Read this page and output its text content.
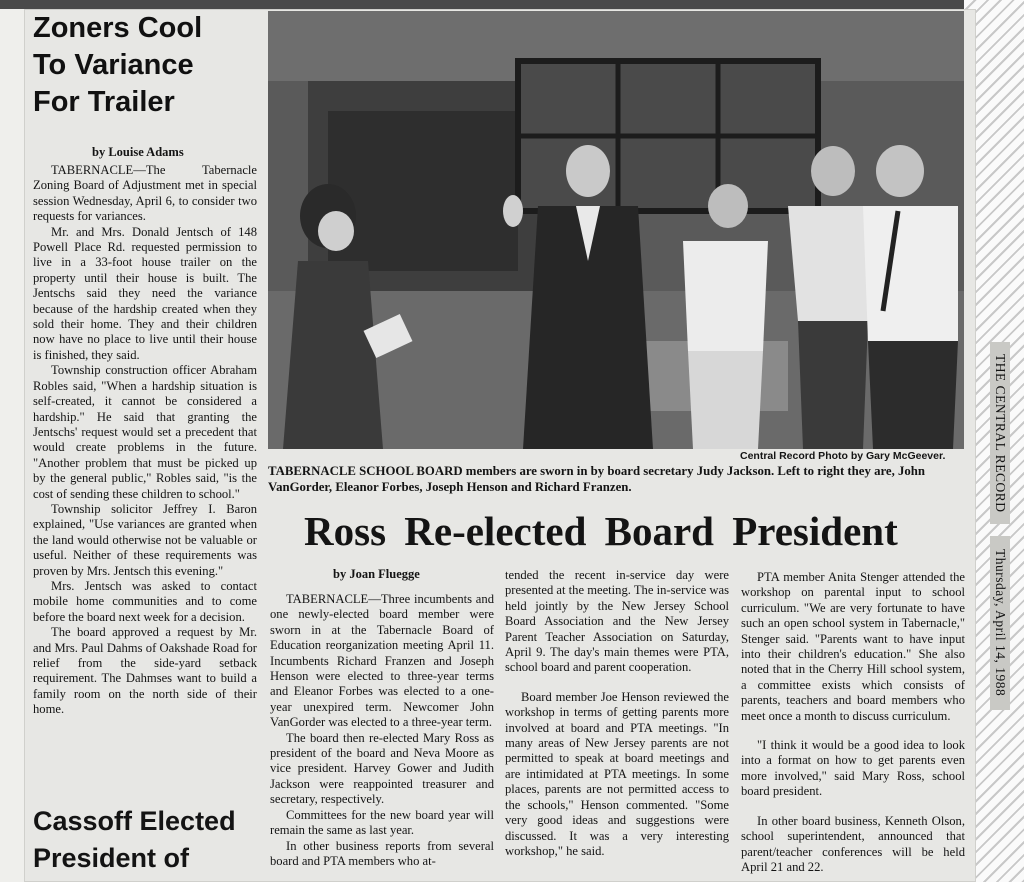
Zoners Cool
To Variance
For Trailer
by Louise Adams

TABERNACLE—The Tabernacle Zoning Board of Adjustment met in special session Wednesday, April 6, to consider two requests for variances.

Mr. and Mrs. Donald Jentsch of 148 Powell Place Rd. requested permission to live in a 33-foot house trailer on the property until their house is built. The Jentschs said they need the variance because of the hardship created when they sold their home. They and their children now have no place to live until their house is finished, they said.

Township construction officer Abraham Robles said, "When a hardship situation is self-created, it cannot be considered a hardship." He said that granting the Jentschs' request would set a precedent that would create problems in the future. "Another problem that must be picked up by the general public," Robles said, "is the cost of sending these children to school."

Township solicitor Jeffrey I. Baron explained, "Use variances are granted when the land would otherwise not be valuable or useful. Neither of these requirements was proven by Mrs. Jentsch this evening."

Mrs. Jentsch was asked to contact mobile home communities and to come before the board next week for a decision.

The board approved a request by Mr. and Mrs. Paul Dahms of Oakshade Road for relief from the side-yard setback requirement. The Dahmses want to build a family room on the north side of their home.

Cassoff Elected
President of
Central Record Photo by Gary McGeever.
TABERNACLE SCHOOL BOARD members are sworn in by board secretary Judy Jackson. Left to right they are, John VanGorder, Eleanor Forbes, Joseph Henson and Richard Franzen.
Ross Re-elected Board President
by Joan Fluegge

TABERNACLE—Three incumbents and one newly-elected board member were sworn in at the Tabernacle Board of Education reorganization meeting April 11. Incumbents Richard Franzen and Joseph Henson were elected to three-year terms and Eleanor Forbes was elected to a one-year unexpired term. Newcomer John VanGorder was elected to a three-year term.

The board then re-elected Mary Ross as president of the board and Neva Moore as vice president. Harvey Gower and Judith Jackson were reappointed treasurer and secretary, respectively.

Committees for the new board year will remain the same as last year.

In other business reports from several board and PTA members who at-

tended the recent in-service day were presented at the meeting. The in-service was held jointly by the New Jersey School Board Association and the New Jersey Parent Teacher Association on Saturday, April 9. The day's main themes were PTA, school board and parent cooperation.

Board member Joe Henson reviewed the workshop in terms of getting parents more involved at board and PTA meetings. "In many areas of New Jersey parents are not permitted to speak at board meetings and are intimidated at PTA meetings. In some places, parents are not permitted access to the schools," Henson commented. "Some very good ideas and suggestions were discussed. It was a very interesting workshop," he said.

PTA member Anita Stenger attended the workshop on parental input to school curriculum. "We are very fortunate to have such an open school system in Tabernacle," Stenger said. "Parents want to have input into their children's education." She also noted that in the Cherry Hill school system, a committee exists which consists of parents, teachers and board members who meet once a month to discuss curriculum.

"I think it would be a good idea to look into a format on how to get parents even more involved," said Mary Ross, school board president.

In other board business, Kenneth Olson, school superintendent, announced that parent/teacher conferences will be held April 21 and 22.

THE CENTRAL RECORD
Thursday, April 14, 1988
